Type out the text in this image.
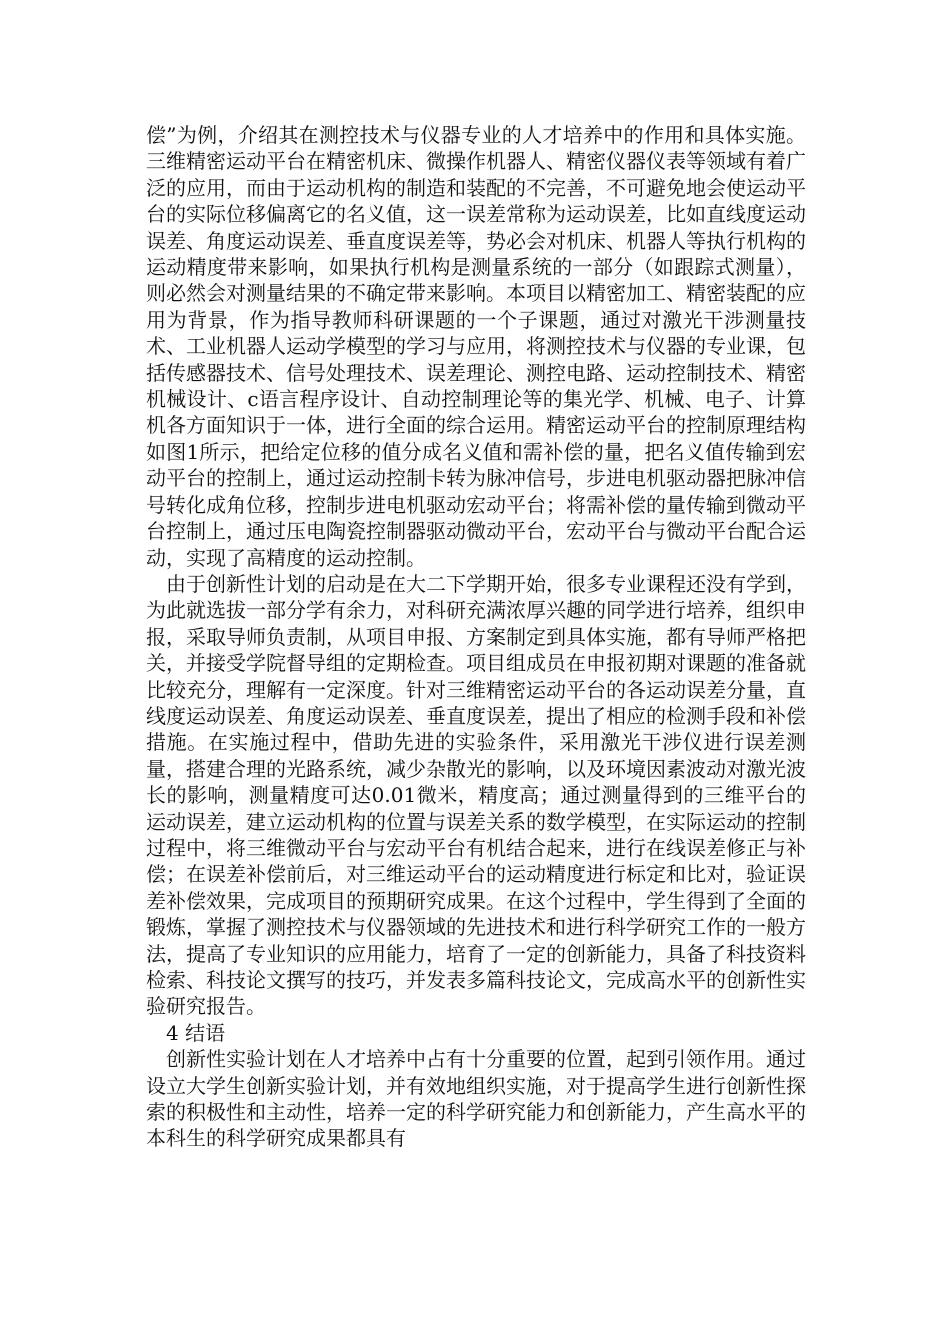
偿”为例，介绍其在测控技术与仪器专业的人才培养中的作用和具体实施。三维精密运动平台在精密机床、微操作机器人、精密仪器仪表等领域有着广泛的应用，而由于运动机构的制造和装配的不完善，不可避免地会使运动平台的实际位移偏离它的名义值，这一误差常称为运动误差，比如直线度运动误差、角度运动误差、垂直度误差等，势必会对机床、机器人等执行机构的运动精度带来影响，如果执行机构是测量系统的一部分（如跟踪式测量），则必然会对测量结果的不确定带来影响。本项目以精密加工、精密装配的应用为背景，作为指导教师科研课题的一个子课题，通过对激光干涉测量技术、工业机器人运动学模型的学习与应用，将测控技术与仪器的专业课，包括传感器技术、信号处理技术、误差理论、测控电路、运动控制技术、精密机械设计、c语言程序设计、自动控制理论等的集光学、机械、电子、计算机各方面知识于一体，进行全面的综合运用。精密运动平台的控制原理结构如图1所示，把给定位移的值分成名义值和需补偿的量，把名义值传输到宏动平台的控制上，通过运动控制卡转为脉冲信号，步进电机驱动器把脉冲信号转化成角位移，控制步进电机驱动宏动平台；将需补偿的量传输到微动平台控制上，通过压电陶瓷控制器驱动微动平台，宏动平台与微动平台配合运动，实现了高精度的运动控制。

由于创新性计划的启动是在大二下学期开始，很多专业课程还没有学到，为此就选拔一部分学有余力，对科研充满浓厚兴趣的同学进行培养，组织申报，采取导师负责制，从项目申报、方案制定到具体实施，都有导师严格把关，并接受学院督导组的定期检查。项目组成员在申报初期对课题的准备就比较充分，理解有一定深度。针对三维精密运动平台的各运动误差分量，直线度运动误差、角度运动误差、垂直度误差，提出了相应的检测手段和补偿措施。在实施过程中，借助先进的实验条件，采用激光干涉仪进行误差测量，搭建合理的光路系统，减少杂散光的影响，以及环境因素波动对激光波长的影响，测量精度可达0.01微米，精度高；通过测量得到的三维平台的运动误差，建立运动机构的位置与误差关系的数学模型，在实际运动的控制过程中，将三维微动平台与宏动平台有机结合起来，进行在线误差修正与补偿；在误差补偿前后，对三维运动平台的运动精度进行标定和比对，验证误差补偿效果，完成项目的预期研究成果。在这个过程中，学生得到了全面的锻炼，掌握了测控技术与仪器领域的先进技术和进行科学研究工作的一般方法，提高了专业知识的应用能力，培育了一定的创新能力，具备了科技资料检索、科技论文撰写的技巧，并发表多篇科技论文，完成高水平的创新性实验研究报告。

4 结语

创新性实验计划在人才培养中占有十分重要的位置，起到引领作用。通过设立大学生创新实验计划，并有效地组织实施，对于提高学生进行创新性探索的积极性和主动性，培养一定的科学研究能力和创新能力，产生高水平的本科生的科学研究成果都具有
